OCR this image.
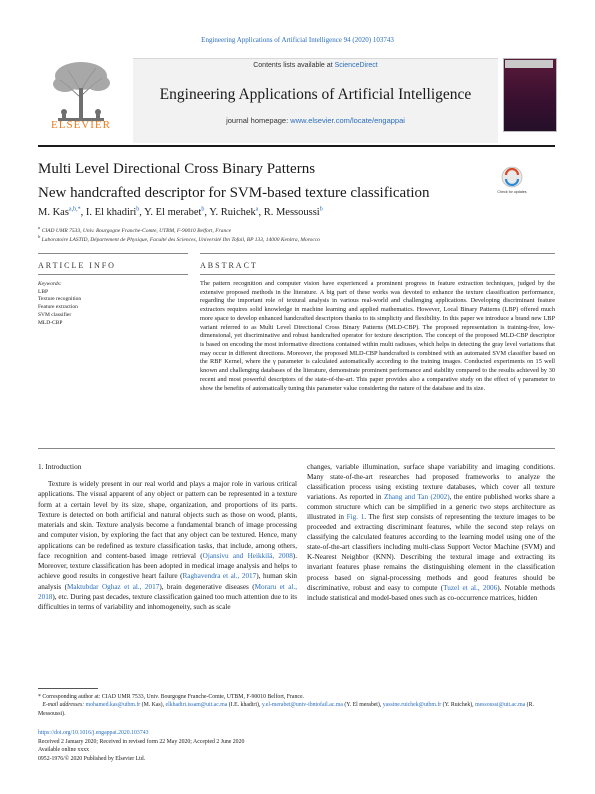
Engineering Applications of Artificial Intelligence 94 (2020) 103743
ELSEVIER
Contents lists available at ScienceDirect
Engineering Applications of Artificial Intelligence
journal homepage: www.elsevier.com/locate/engappai
Multi Level Directional Cross Binary Patterns
New handcrafted descriptor for SVM-based texture classification	Check for updates
M. Kas$^{a,b,*}$, I. El khadiri$^b$, Y. El merabet$^b$, Y. Ruichek$^a$, R. Messoussi$^b$
$^a$ CIAD UMR 7533, Univ. Bourgogne Franche-Comte, UTBM, F-90010 Belfort, France
$^b$ Laboratoire LASTID, Département de Physique, Faculté des Sciences, Université Ibn Tofail, BP 133, 14000 Kenitra, Morocco
ARTICLE INFO	ABSTRACT
Keywords:
LBP
Texture recognition
Feature extraction
SVM classifier
MLD-CBP
The pattern recognition and computer vision have experienced a prominent progress in feature extraction techniques, judged by the extensive proposed methods in the literature. A big part of these works was devoted to enhance the texture classification performance, regarding the important role of textural analysis in various real-world and challenging applications. Developing discriminant feature extractors requires solid knowledge in machine learning and applied mathematics. However, Local Binary Patterns (LBP) offered much more space to develop enhanced handcrafted descriptors thanks to its simplicity and flexibility. In this paper we introduce a brand new LBP variant referred to as Multi Level Directional Cross Binary Patterns (MLD-CBP). The proposed representation is training-free, low-dimensional, yet discriminative and robust handcrafted operator for texture description. The concept of the proposed MLD-CBP descriptor is based on encoding the most informative directions contained within multi radiuses, which helps in detecting the gray level variations that may occur in different directions. Moreover, the proposed MLD-CBP handcrafted is combined with an automated SVM classifier based on the RBF Kernel, where the γ parameter is calculated automatically according to the training images. Conducted experiments on 15 well known and challenging databases of the literature, demonstrate prominent performance and stability compared to the results achieved by 30 recent and most powerful descriptors of the state-of-the-art. This paper provides also a comparative study on the effect of γ parameter to show the benefits of automatically tuning this parameter value considering the nature of the database and its size.
1. Introduction

Texture is widely present in our real world and plays a major role in various critical applications. The visual apparent of any object or pattern can be represented in a texture form at a certain level by its size, shape, organization, and proportions of its parts. Texture is detected on both artificial and natural objects such as those on wood, plants, materials and skin. Texture analysis become a fundamental branch of image processing and computer vision, by exploring the fact that any object can be textured. Hence, many applications can be redefined as texture classification tasks, that include, among others, face recognition and content-based image retrieval (Ojansivu and Heikkilä, 2008). Moreover, texture classification has been adopted in medical image analysis and helps to achieve good results in congestive heart failure (Raghavendra et al., 2017), human skin analysis (Maktubdar Oghaz et al., 2017), brain degenerative diseases (Moraru et al., 2018), etc. During past decades, texture classification gained too much attention due to its difficulties in terms of variability and inhomogeneity, such as scale

changes, variable illumination, surface shape variability and imaging conditions. Many state-of-the-art researches had proposed frameworks to analyze the classification process using existing texture databases, which cover all texture variations. As reported in Zhang and Tan (2002), the entire published works share a common structure which can be simplified in a generic two steps architecture as illustrated in Fig. 1. The first step consists of representing the texture images to be proceeded and extracting discriminant features, while the second step relays on classifying the calculated features according to the learning model using one of the state-of-the-art classifiers including multi-class Support Vector Machine (SVM) and K-Nearest Neighbor (KNN). Describing the textural image and extracting its invariant features phase remains the distinguishing element in the classification process based on signal-processing methods and good features should be discriminative, robust and easy to compute (Tuzel et al., 2006). Notable methods include statistical and model-based ones such as co-occurrence matrices, hidden

* Corresponding author at: CIAD UMR 7533, Univ. Bourgogne Franche-Comte, UTBM, F-90010 Belfort, France.

E-mail addresses: mohamed.kas@utbm.fr (M. Kas), elkhadiri.issam@uit.ac.ma (I.E. khadiri), y.el-merabet@univ-ibntofail.ac.ma (Y. El merabet), yassine.ruichek@utbm.fr (Y. Ruichek), messoussi@uit.ac.ma (R. Messoussi).

https://doi.org/10.1016/j.engappai.2020.103743

Received 2 January 2020; Received in revised form 22 May 2020; Accepted 2 June 2020

Available online xxxx

0952-1976/© 2020 Published by Elsevier Ltd.
